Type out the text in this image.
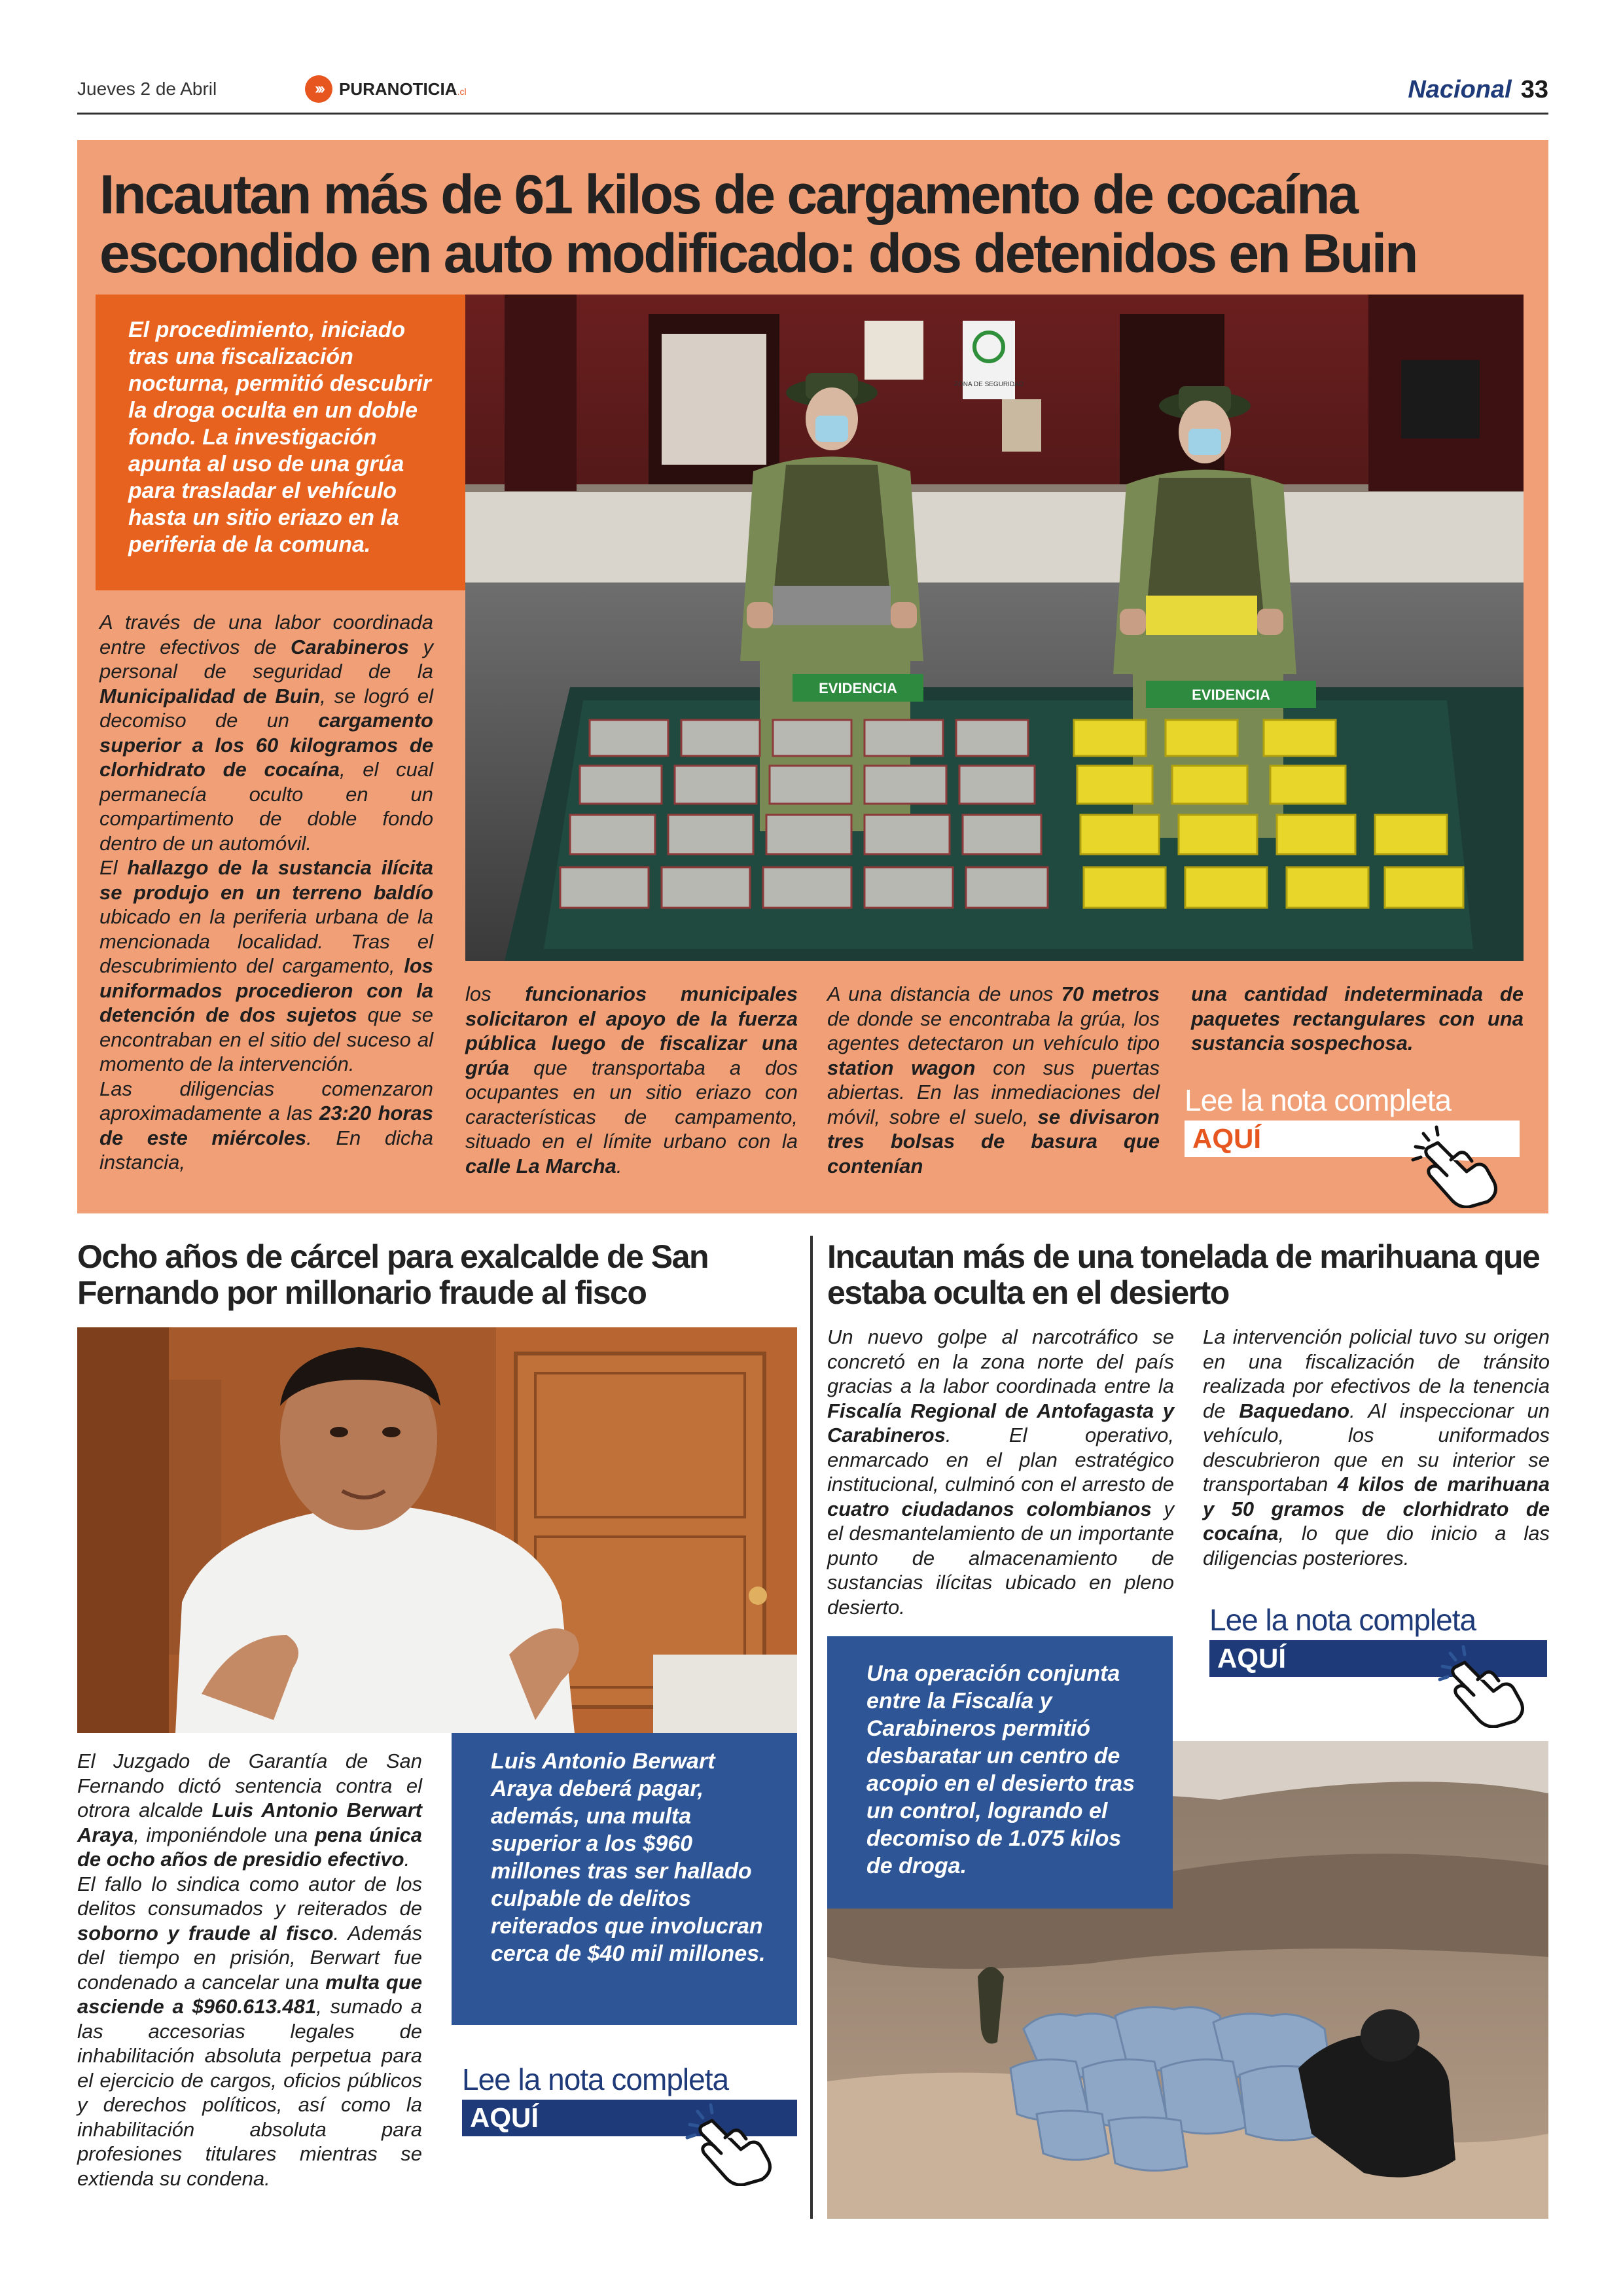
Jueves 2 de Abril	››› PURANOTICIA.cl	Nacional 33
Incautan más de 61 kilos de cargamento de cocaína escondido en auto modificado: dos detenidos en Buin
El procedimiento, iniciado tras una fiscalización nocturna, permitió descubrir la droga oculta en un doble fondo. La investigación apunta al uso de una grúa para trasladar el vehículo hasta un sitio eriazo en la periferia de la comuna.
ZONA DE SEGURIDAD
EVIDENCIA	EVIDENCIA

A través de una labor coordinada entre efectivos de Carabineros y personal de seguridad de la Municipalidad de Buin, se logró el decomiso de un cargamento superior a los 60 kilogramos de clorhidrato de cocaína, el cual permanecía oculto en un compartimento de doble fondo dentro de un automóvil.

El hallazgo de la sustancia ilícita se produjo en un terreno baldío ubicado en la periferia urbana de la mencionada localidad. Tras el descubrimiento del cargamento, los uniformados procedieron con la detención de dos sujetos que se encontraban en el sitio del suceso al momento de la intervención.

Las diligencias comenzaron aproximadamente a las 23:20 horas de este miércoles. En dicha instancia,

los funcionarios municipales solicitaron el apoyo de la fuerza pública luego de fiscalizar una grúa que transportaba a dos ocupantes en un sitio eriazo con características de campamento, situado en el límite urbano con la calle La Marcha.

A una distancia de unos 70 metros de donde se encontraba la grúa, los agentes detectaron un vehículo tipo station wagon con sus puertas abiertas. En las inmediaciones del móvil, sobre el suelo, se divisaron tres bolsas de basura que contenían

una cantidad indeterminada de paquetes rectangulares con una sustancia sospechosa.

Lee la nota completa
AQUÍ
Ocho años de cárcel para exalcalde de San Fernando por millonario fraude al fisco

El Juzgado de Garantía de San Fernando dictó sentencia contra el otrora alcalde Luis Antonio Berwart Araya, imponiéndole una pena única de ocho años de presidio efectivo.

El fallo lo sindica como autor de los delitos consumados y reiterados de soborno y fraude al fisco. Además del tiempo en prisión, Berwart fue condenado a cancelar una multa que asciende a $960.613.481, sumado a las accesorias legales de inhabilitación absoluta perpetua para el ejercicio de cargos, oficios públicos y derechos políticos, así como la inhabilitación absoluta para profesiones titulares mientras se extienda su condena.

Luis Antonio Berwart Araya deberá pagar, además, una multa superior a los $960 millones tras ser hallado culpable de delitos reiterados que involucran cerca de $40 mil millones.
Lee la nota completa
AQUÍ
Incautan más de una tonelada de marihuana que estaba oculta en el desierto

Un nuevo golpe al narcotráfico se concretó en la zona norte del país gracias a la labor coordinada entre la Fiscalía Regional de Antofagasta y Carabineros. El operativo, enmarcado en el plan estratégico institucional, culminó con el arresto de cuatro ciudadanos colombianos y el desmantelamiento de un importante punto de almacenamiento de sustancias ilícitas ubicado en pleno desierto.

La intervención policial tuvo su origen en una fiscalización de tránsito realizada por efectivos de la tenencia de Baquedano. Al inspeccionar un vehículo, los uniformados descubrieron que en su interior se transportaban 4 kilos de marihuana y 50 gramos de clorhidrato de cocaína, lo que dio inicio a las diligencias posteriores.

Lee la nota completa
AQUÍ
Una operación conjunta entre la Fiscalía y Carabineros permitió desbaratar un centro de acopio en el desierto tras un control, logrando el decomiso de 1.075 kilos de droga.
